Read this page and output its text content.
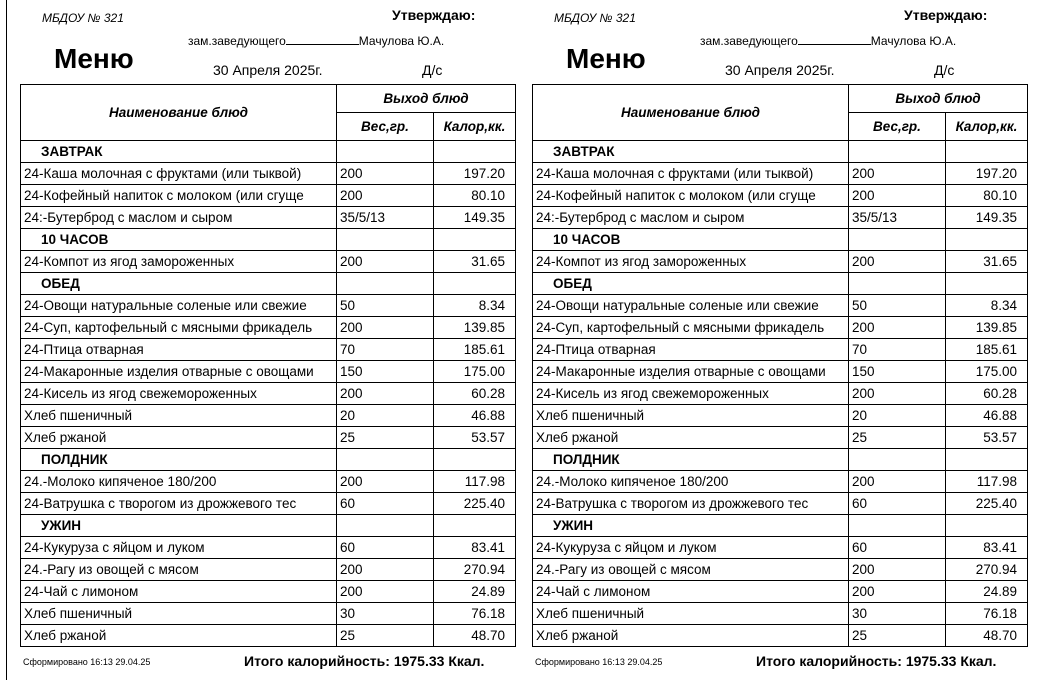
МБДОУ № 321	Утверждаю:
зам.заведующего	Мачулова Ю.А.
Меню	30 Апреля 2025г.	Д/с
Наименование блюд	Выход блюд	
	Вес,гр.	Калор,кк.
ЗАВТРАК		
24-Каша молочная с фруктами (или тыквой)	200	197.20
24-Кофейный напиток с молоком (или сгуще	200	80.10
24:-Бутерброд с маслом и сыром	35/5/13	149.35
10 ЧАСОВ		
24-Компот из ягод замороженных	200	31.65
ОБЕД		
24-Овощи натуральные соленые или свежие	50	8.34
24-Суп, картофельный с мясными фрикадель	200	139.85
24-Птица отварная	70	185.61
24-Макаронные изделия отварные с овощами	150	175.00
24-Кисель из ягод свежемороженных	200	60.28
Хлеб пшеничный	20	46.88
Хлеб ржаной	25	53.57
ПОЛДНИК		
24.-Молоко кипяченое 180/200	200	117.98
24-Ватрушка с творогом из дрожжевого тес	60	225.40
УЖИН		
24-Кукуруза с яйцом и луком	60	83.41
24.-Рагу из овощей с мясом	200	270.94
24-Чай с лимоном	200	24.89
Хлеб пшеничный	30	76.18
Хлеб ржаной	25	48.70
Сформировано 16:13 29.04.25	Итого калорийность: 1975.33 Ккал.
МБДОУ № 321	Утверждаю:
зам.заведующего	Мачулова Ю.А.
Меню	30 Апреля 2025г.	Д/с
Наименование блюд	Выход блюд	
	Вес,гр.	Калор,кк.
ЗАВТРАК		
24-Каша молочная с фруктами (или тыквой)	200	197.20
24-Кофейный напиток с молоком (или сгуще	200	80.10
24:-Бутерброд с маслом и сыром	35/5/13	149.35
10 ЧАСОВ		
24-Компот из ягод замороженных	200	31.65
ОБЕД		
24-Овощи натуральные соленые или свежие	50	8.34
24-Суп, картофельный с мясными фрикадель	200	139.85
24-Птица отварная	70	185.61
24-Макаронные изделия отварные с овощами	150	175.00
24-Кисель из ягод свежемороженных	200	60.28
Хлеб пшеничный	20	46.88
Хлеб ржаной	25	53.57
ПОЛДНИК		
24.-Молоко кипяченое 180/200	200	117.98
24-Ватрушка с творогом из дрожжевого тес	60	225.40
УЖИН		
24-Кукуруза с яйцом и луком	60	83.41
24.-Рагу из овощей с мясом	200	270.94
24-Чай с лимоном	200	24.89
Хлеб пшеничный	30	76.18
Хлеб ржаной	25	48.70
Сформировано 16:13 29.04.25	Итого калорийность: 1975.33 Ккал.
